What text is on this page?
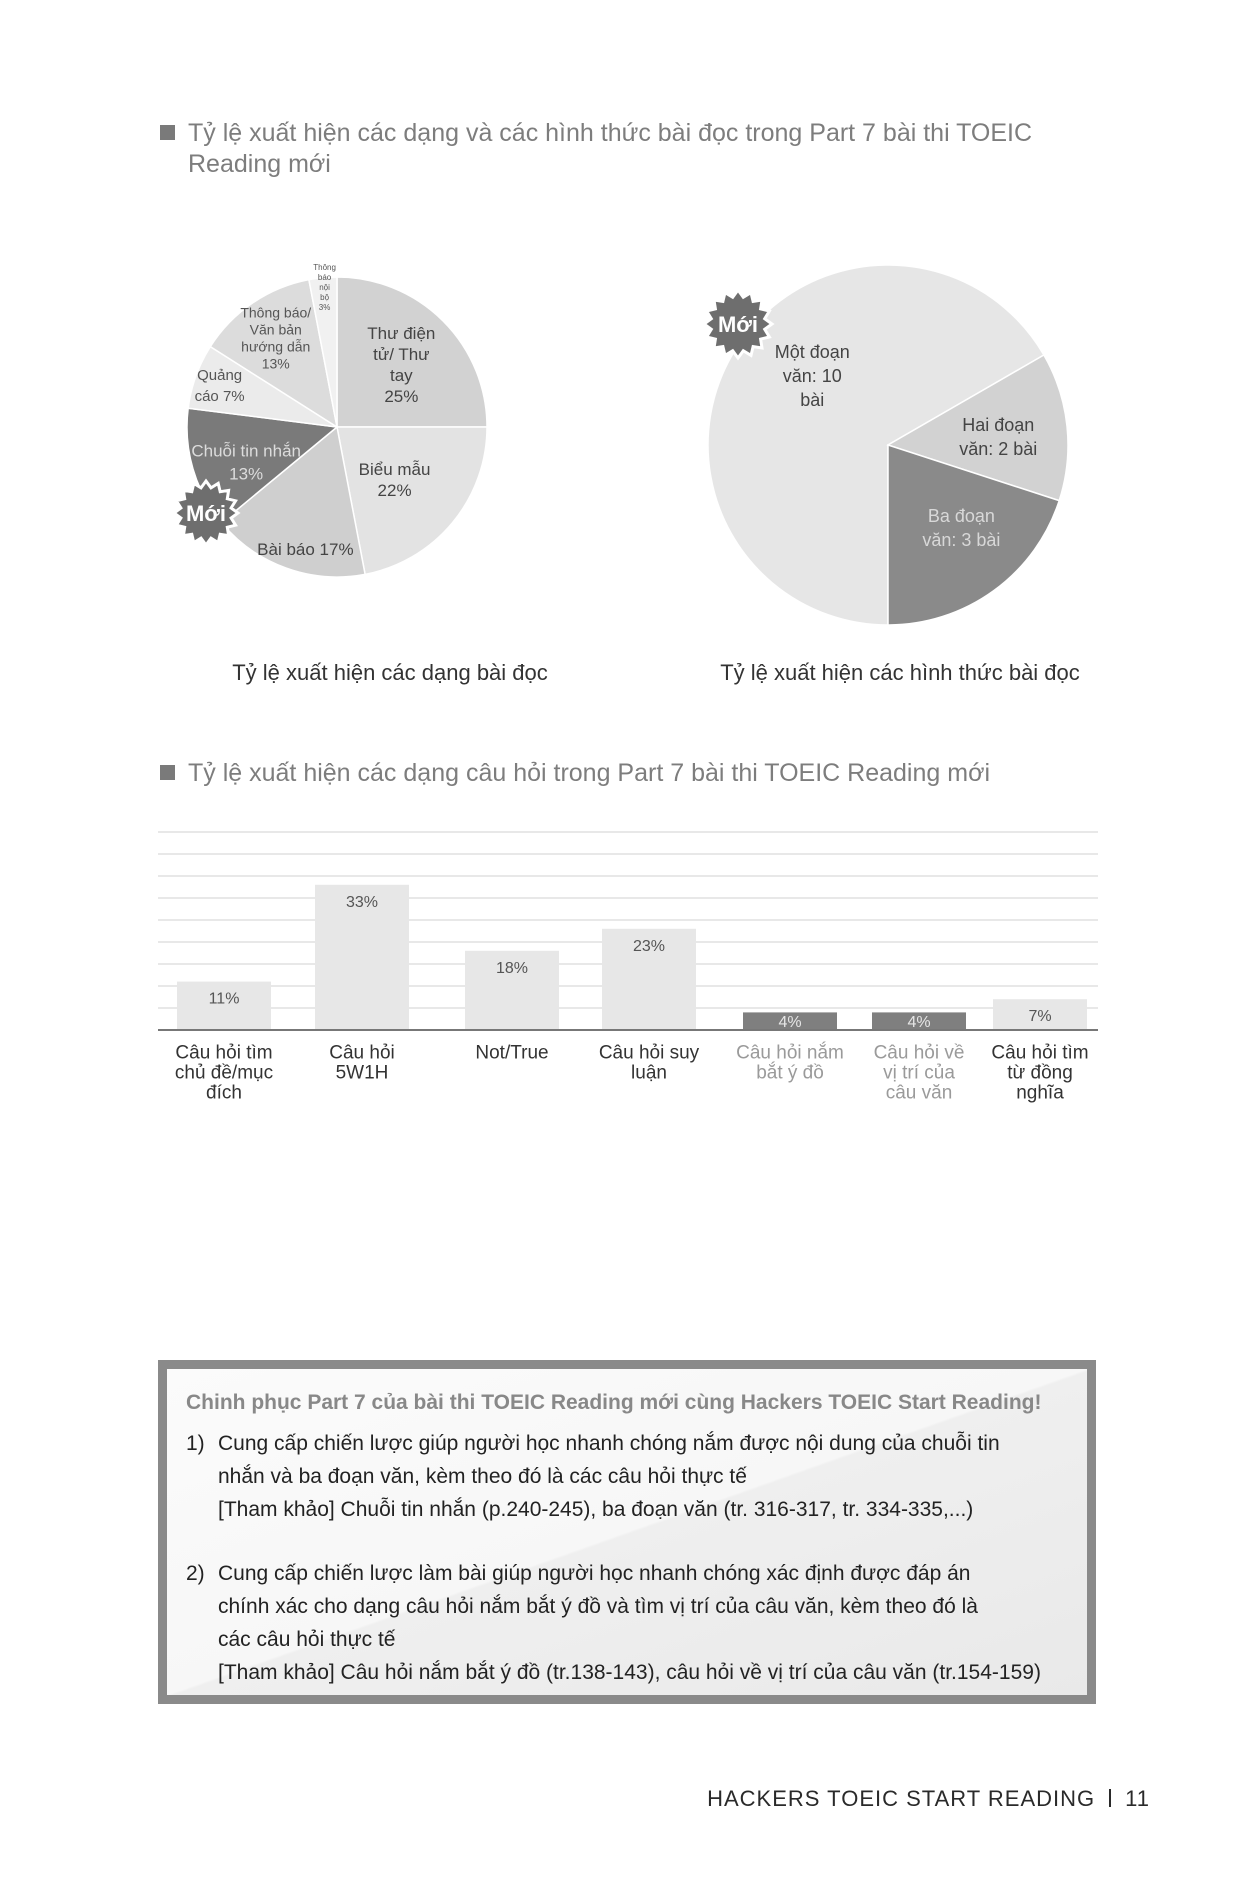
Tỷ lệ xuất hiện các dạng và các hình thức bài đọc trong Part 7 bài thi TOEIC Reading mới
Thư điện tử/ Thư tay 25%
Biểu mẫu 22%
Bài báo 17%
Chuỗi tin nhắn 13%
Quảng cáo 7%
Thông báo/ Văn bản hướng dẫn 13%
Thông báo nội bộ 3%
Mới
Một đoạn văn: 10 bài
Hai đoạn văn: 2 bài
Ba đoạn văn: 3 bài
Mới
Tỷ lệ xuất hiện các dạng bài đọc	Tỷ lệ xuất hiện các hình thức bài đọc
Tỷ lệ xuất hiện các dạng câu hỏi trong Part 7 bài thi TOEIC Reading mới
11%
Câu hỏi tìm chủ đề/mục đích
33%
Câu hỏi 5W1H
18%
Not/True
23%
Câu hỏi suy luận
4%
Câu hỏi nắm bắt ý đồ
4%
Câu hỏi về vị trí của câu văn
7%
Câu hỏi tìm từ đồng nghĩa
Chinh phục Part 7 của bài thi TOEIC Reading mới cùng Hackers TOEIC Start Reading!
1) Cung cấp chiến lược giúp người học nhanh chóng nắm được nội dung của chuỗi tin
nhắn và ba đoạn văn, kèm theo đó là các câu hỏi thực tế
[Tham khảo] Chuỗi tin nhắn (p.240-245), ba đoạn văn (tr. 316-317, tr. 334-335,...)
2) Cung cấp chiến lược làm bài giúp người học nhanh chóng xác định được đáp án
chính xác cho dạng câu hỏi nắm bắt ý đồ và tìm vị trí của câu văn, kèm theo đó là
các câu hỏi thực tế
[Tham khảo] Câu hỏi nắm bắt ý đồ (tr.138-143), câu hỏi về vị trí của câu văn (tr.154-159)
HACKERS TOEIC START READING 11
